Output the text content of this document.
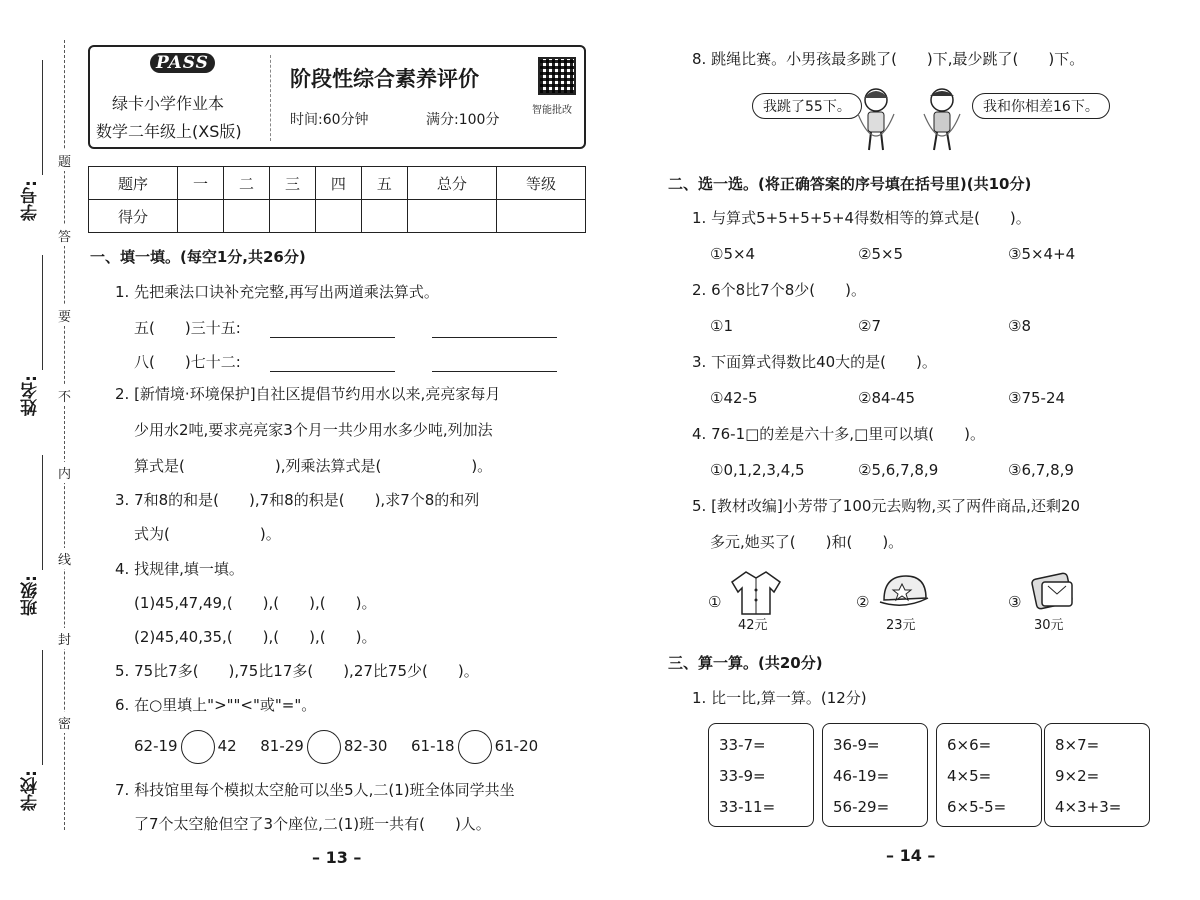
题
答
要
不
内
线
封
密
学号:
姓名:
班级:
学校:
PASS
绿卡小学作业本
数学二年级上(XS版)
阶段性综合素养评价
时间:60分钟	满分:100分
智能批改
题序	一	二	三	四	五	总分	等级
得分							
一、填一填。(每空1分,共26分)
1. 先把乘法口诀补充完整,再写出两道乘法算式。
五(　　)三十五:
八(　　)七十二:
2. [新情境·环境保护]自社区提倡节约用水以来,亮亮家每月
少用水2吨,要求亮亮家3个月一共少用水多少吨,列加法
算式是(　　　　　　),列乘法算式是(　　　　　　)。
3. 7和8的和是(　　),7和8的积是(　　),求7个8的和列
式为(　　　　　　)。
4. 找规律,填一填。
(1)45,47,49,(　　),(　　),(　　)。
(2)45,40,35,(　　),(　　),(　　)。
5. 75比7多(　　),75比17多(　　),27比75少(　　)。
6. 在○里填上">""<"或"="。
62-19	42 81-29	82-30 61-18	61-20
7. 科技馆里每个模拟太空舱可以坐5人,二(1)班全体同学共坐
了7个太空舱但空了3个座位,二(1)班一共有(　　)人。
– 13 –
8. 跳绳比赛。小男孩最多跳了(　　)下,最少跳了(　　)下。
我跳了55下。	我和你相差16下。
二、选一选。(将正确答案的序号填在括号里)(共10分)
1. 与算式5+5+5+5+4得数相等的算式是(　　)。
①5×4	②5×5	③5×4+4
2. 6个8比7个8少(　　)。
①1	②7	③8
3. 下面算式得数比40大的是(　　)。
①42-5	②84-45	③75-24
4. 76-1□的差是六十多,□里可以填(　　)。
①0,1,2,3,4,5	②5,6,7,8,9	③6,7,8,9
5. [教材改编]小芳带了100元去购物,买了两件商品,还剩20
多元,她买了(　　)和(　　)。
①
42元
②
23元
③
30元
三、算一算。(共20分)
1. 比一比,算一算。(12分)
33-7=
33-9=
33-11=
36-9=
46-19=
56-29=
6×6=
4×5=
6×5-5=
8×7=
9×2=
4×3+3=
– 14 –
